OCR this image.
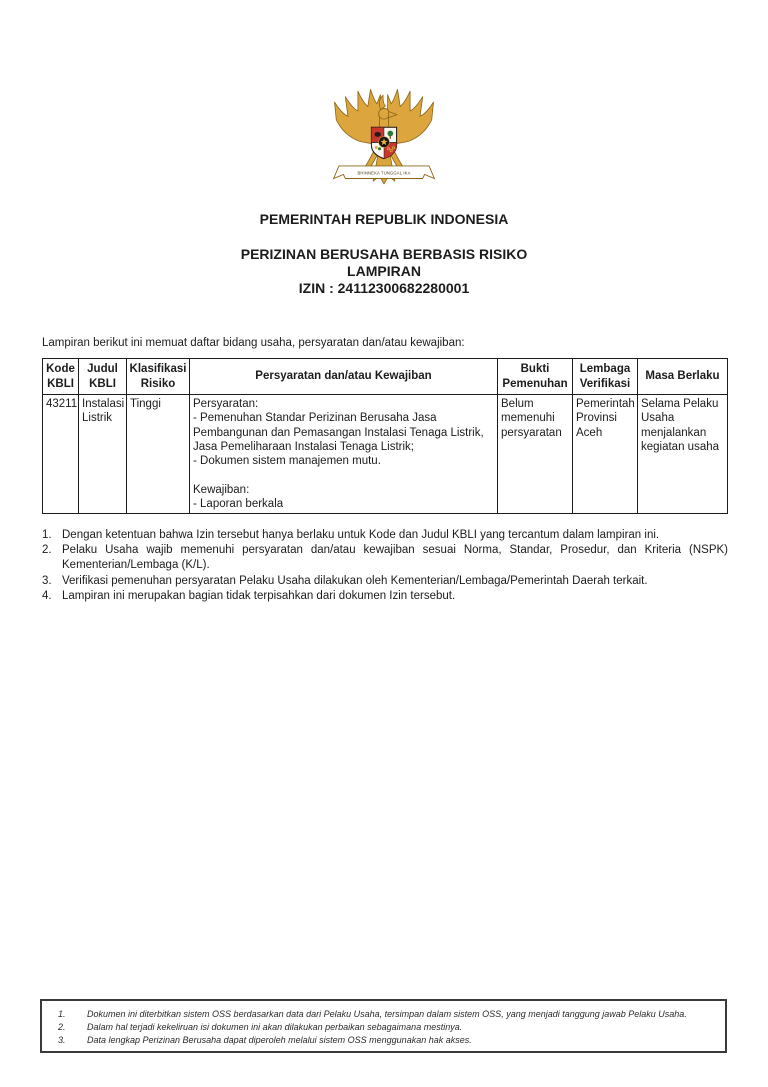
BHINNEKA TUNGGAL IKA
PEMERINTAH REPUBLIK INDONESIA
PERIZINAN BERUSAHA BERBASIS RISIKO
LAMPIRAN
IZIN : 24112300682280001
Lampiran berikut ini memuat daftar bidang usaha, persyaratan dan/atau kewajiban:
Kode KBLI	Judul KBLI	Klasifikasi Risiko	Persyaratan dan/atau Kewajiban	Bukti Pemenuhan	Lembaga Verifikasi	Masa Berlaku
43211	Instalasi Listrik	Tinggi	Persyaratan:
- Pemenuhan Standar Perizinan Berusaha Jasa Pembangunan dan Pemasangan Instalasi Tenaga Listrik, Jasa Pemeliharaan Instalasi Tenaga Listrik;
- Dokumen sistem manajemen mutu.
Kewajiban:
- Laporan berkala	Belum memenuhi persyaratan	Pemerintah Provinsi Aceh	Selama Pelaku Usaha menjalankan kegiatan usaha
1. Dengan ketentuan bahwa Izin tersebut hanya berlaku untuk Kode dan Judul KBLI yang tercantum dalam lampiran ini.
2. Pelaku Usaha wajib memenuhi persyaratan dan/atau kewajiban sesuai Norma, Standar, Prosedur, dan Kriteria (NSPK) Kementerian/Lembaga (K/L).
3. Verifikasi pemenuhan persyaratan Pelaku Usaha dilakukan oleh Kementerian/Lembaga/Pemerintah Daerah terkait.
4. Lampiran ini merupakan bagian tidak terpisahkan dari dokumen Izin tersebut.
1.	Dokumen ini diterbitkan sistem OSS berdasarkan data dari Pelaku Usaha, tersimpan dalam sistem OSS, yang menjadi tanggung jawab Pelaku Usaha.
2.	Dalam hal terjadi kekeliruan isi dokumen ini akan dilakukan perbaikan sebagaimana mestinya.
3.	Data lengkap Perizinan Berusaha dapat diperoleh melalui sistem OSS menggunakan hak akses.
